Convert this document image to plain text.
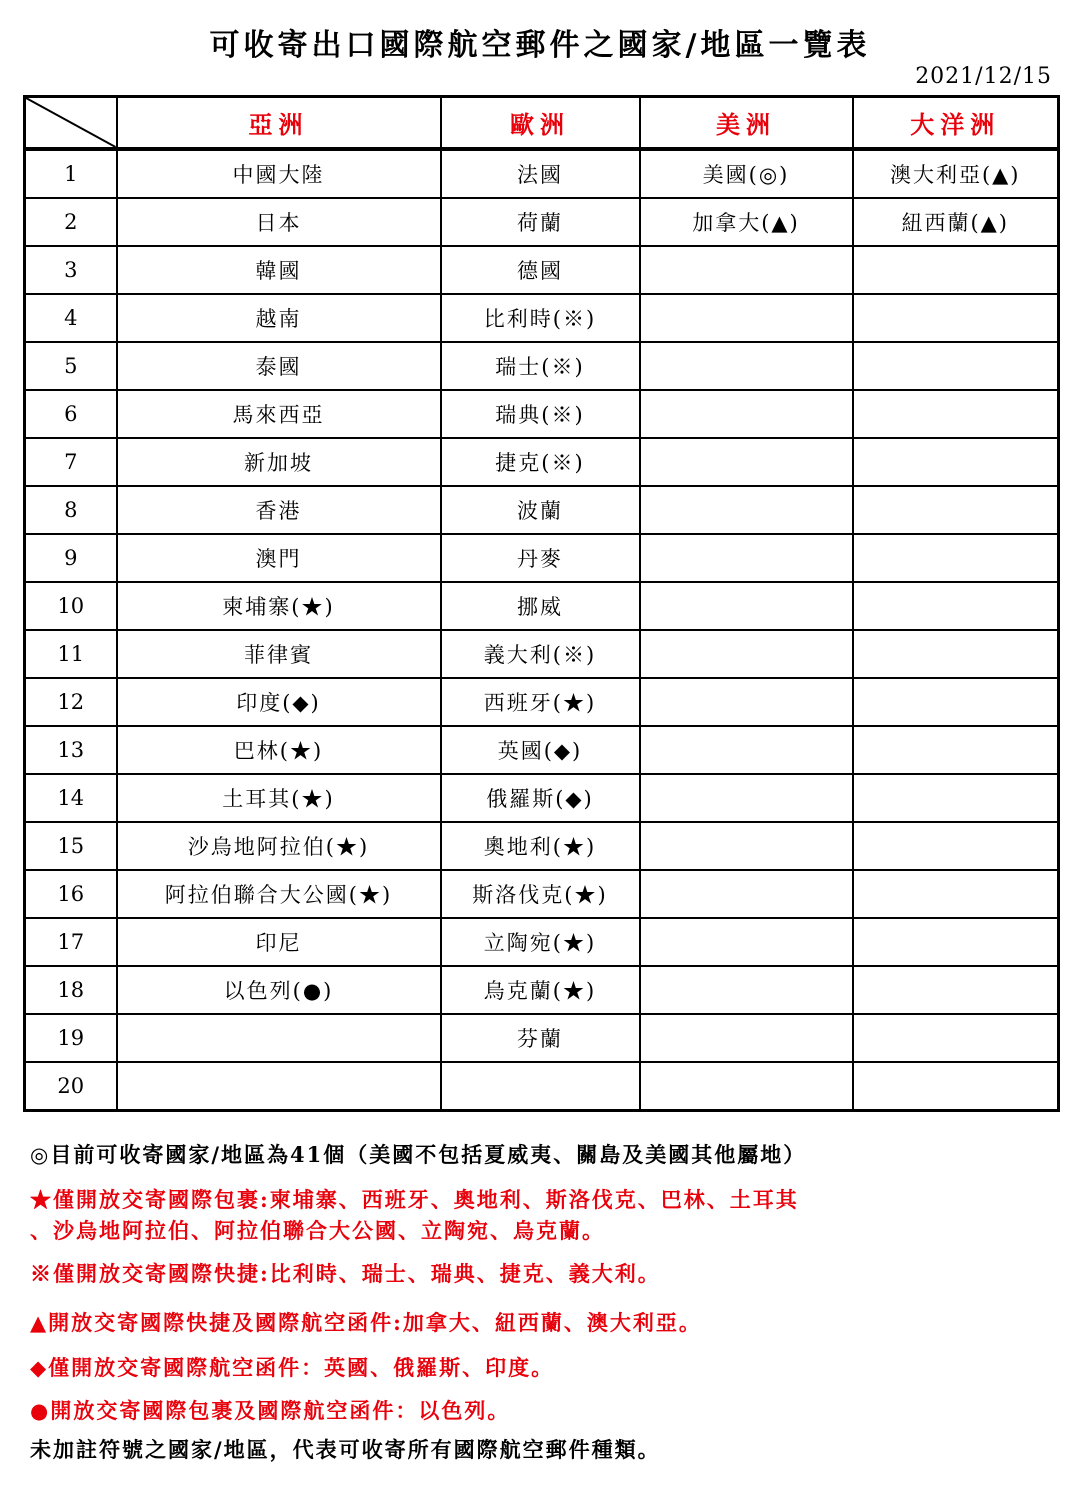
可收寄出口國際航空郵件之國家/地區一覽表
2021/12/15
	亞洲	歐洲	美洲	大洋洲
1	中國大陸	法國	美國(◎)	澳大利亞(▲)
2	日本	荷蘭	加拿大(▲)	紐西蘭(▲)
3	韓國	德國		
4	越南	比利時(※)		
5	泰國	瑞士(※)		
6	馬來西亞	瑞典(※)		
7	新加坡	捷克(※)		
8	香港	波蘭		
9	澳門	丹麥		
10	柬埔寨(★)	挪威		
11	菲律賓	義大利(※)		
12	印度(◆)	西班牙(★)		
13	巴林(★)	英國(◆)		
14	土耳其(★)	俄羅斯(◆)		
15	沙烏地阿拉伯(★)	奧地利(★)		
16	阿拉伯聯合大公國(★)	斯洛伐克(★)		
17	印尼	立陶宛(★)		
18	以色列(●)	烏克蘭(★)		
19		芬蘭		
20				
◎目前可收寄國家/地區為41個（美國不包括夏威夷、關島及美國其他屬地）
★僅開放交寄國際包裹:柬埔寨、西班牙、奧地利、斯洛伐克、巴林、土耳其
、沙烏地阿拉伯、阿拉伯聯合大公國、立陶宛、烏克蘭。
※僅開放交寄國際快捷:比利時、瑞士、瑞典、捷克、義大利。
▲開放交寄國際快捷及國際航空函件:加拿大、紐西蘭、澳大利亞。
◆僅開放交寄國際航空函件：英國、俄羅斯、印度。
●開放交寄國際包裹及國際航空函件：以色列。
未加註符號之國家/地區，代表可收寄所有國際航空郵件種類。
